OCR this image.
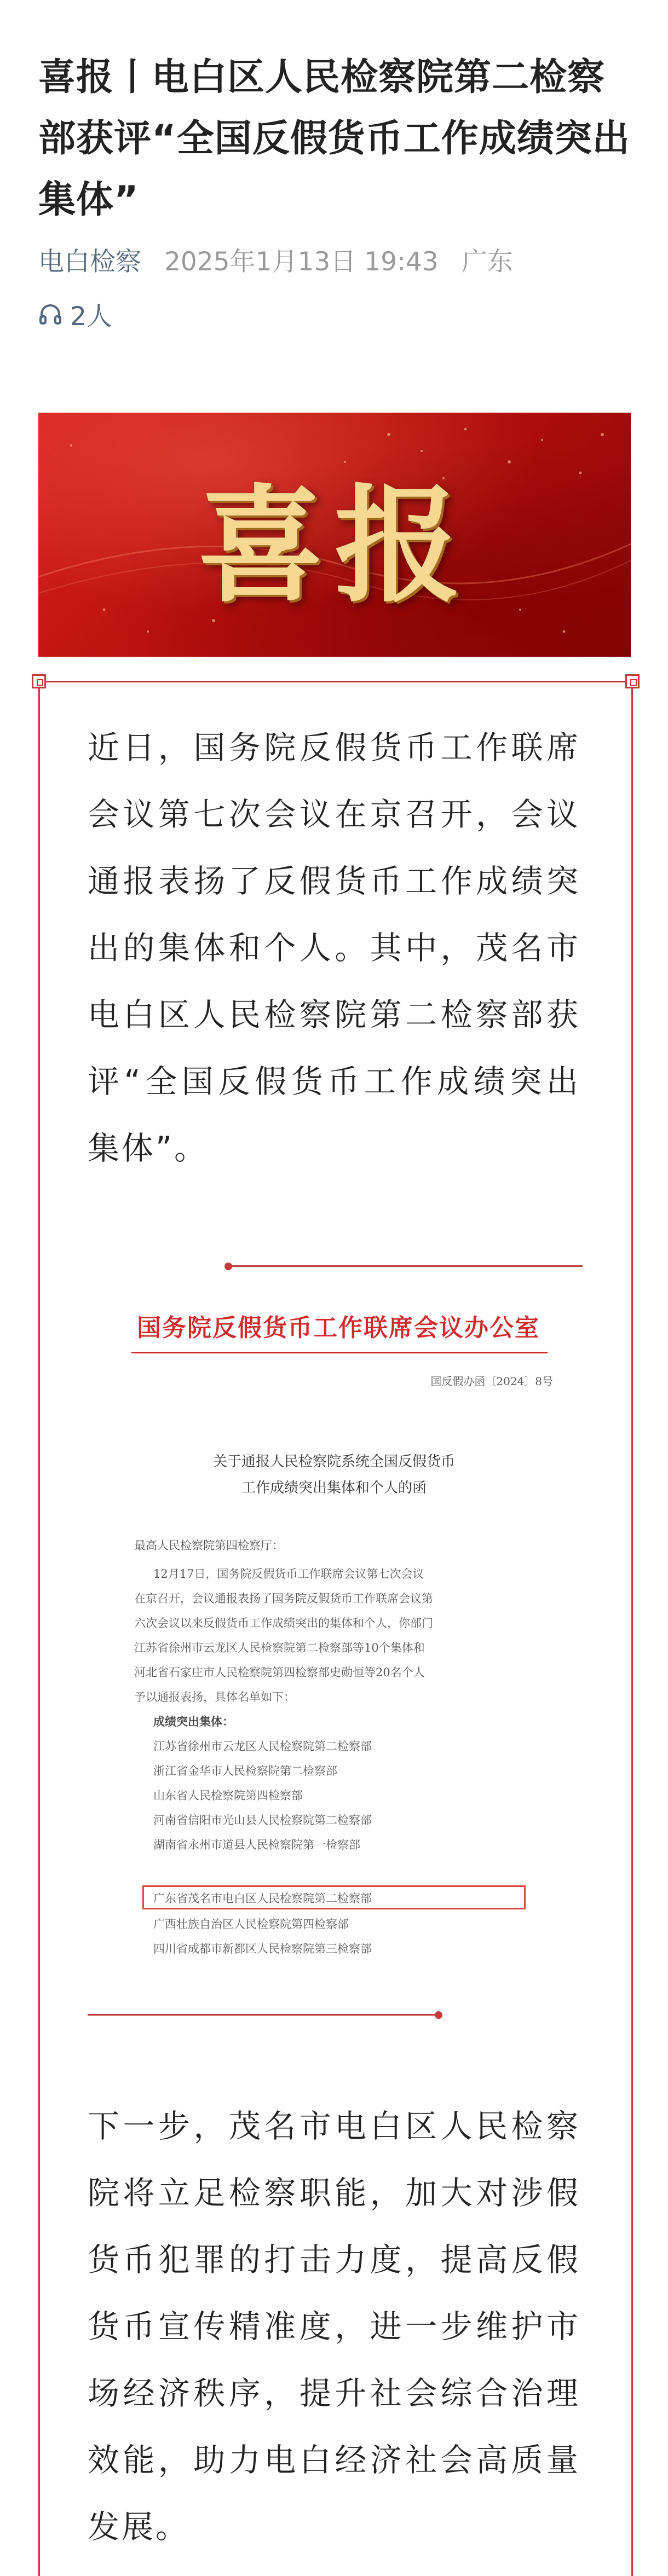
喜报丨电白区人民检察院第二检察部获评“全国反假货币工作成绩突出集体”
电白检察 2025年1月13日 19:43 广东
2人
喜报

近日，国务院反假货币工作联席会议第七次会议在京召开，会议通报表扬了反假货币工作成绩突出的集体和个人。其中，茂名市电白区人民检察院第二检察部获评“全国反假货币工作成绩突出集体”。

国务院反假货币工作联席会议办公室
国反假办函〔2024〕8号
关于通报人民检察院系统全国反假货币
工作成绩突出集体和个人的函
最高人民检察院第四检察厅：
12月17日，国务院反假货币工作联席会议第七次会议
在京召开，会议通报表扬了国务院反假货币工作联席会议第
六次会议以来反假货币工作成绩突出的集体和个人，你部门
江苏省徐州市云龙区人民检察院第二检察部等10个集体和
河北省石家庄市人民检察院第四检察部史勋恒等20名个人
予以通报表扬，具体名单如下：
成绩突出集体：
江苏省徐州市云龙区人民检察院第二检察部
浙江省金华市人民检察院第二检察部
山东省人民检察院第四检察部
河南省信阳市光山县人民检察院第二检察部
湖南省永州市道县人民检察院第一检察部
广东省茂名市电白区人民检察院第二检察部
广西壮族自治区人民检察院第四检察部
四川省成都市新都区人民检察院第三检察部

下一步，茂名市电白区人民检察院将立足检察职能，加大对涉假货币犯罪的打击力度，提高反假货币宣传精准度，进一步维护市场经济秩序，提升社会综合治理效能，助力电白经济社会高质量发展。
